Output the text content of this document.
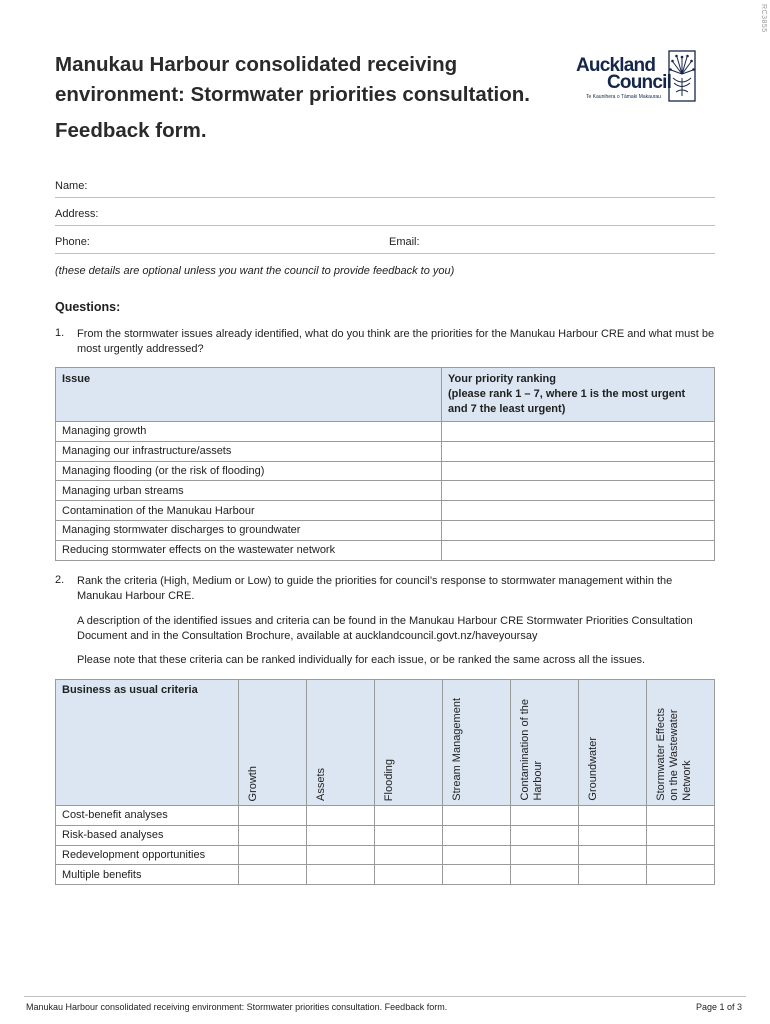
RC3855
Manukau Harbour consolidated receiving
environment: Stormwater priorities consultation.
Feedback form.
Auckland
Council
Te Kaunihera o Tāmaki Makaurau
Name:
Address:
Phone:	Email:
(these details are optional unless you want the council to provide feedback to you)
Questions:
1. From the stormwater issues already identified, what do you think are the priorities for the Manukau Harbour CRE and what must be most urgently addressed?
Issue	Your priority ranking
(please rank 1 – 7, where 1 is the most urgent
and 7 the least urgent)
Managing growth	
Managing our infrastructure/assets	
Managing flooding (or the risk of flooding)	
Managing urban streams	
Contamination of the Manukau Harbour	
Managing stormwater discharges to groundwater	
Reducing stormwater effects on the wastewater network	
2. Rank the criteria (High, Medium or Low) to guide the priorities for council’s response to stormwater management within the Manukau Harbour CRE.
A description of the identified issues and criteria can be found in the Manukau Harbour CRE Stormwater Priorities Consultation Document and in the Consultation Brochure, available at aucklandcouncil.govt.nz/haveyoursay
Please note that these criteria can be ranked individually for each issue, or be ranked the same across all the issues.
Business as usual criteria	Growth	Assets	Flooding	Stream Management	Contamination of the
Harbour	Groundwater	Stormwater Effects
on the Wastewater
Network

Cost-benefit analyses							
Risk-based analyses							
Redevelopment opportunities							
Multiple benefits							
Manukau Harbour consolidated receiving environment: Stormwater priorities consultation. Feedback form.	Page 1 of 3
